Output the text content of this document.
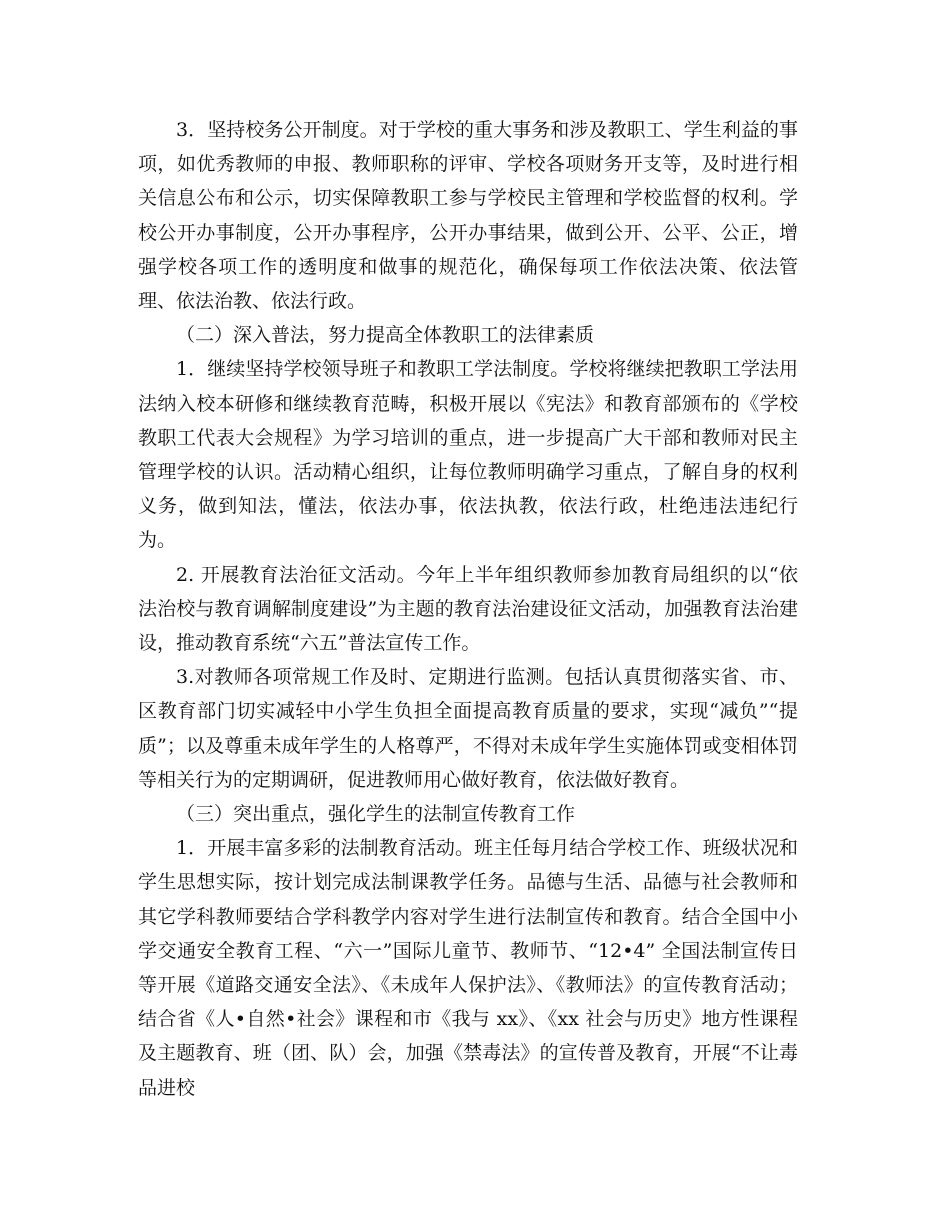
3．坚持校务公开制度。对于学校的重大事务和涉及教职工、学生利益的事项，如优秀教师的申报、教师职称的评审、学校各项财务开支等，及时进行相关信息公布和公示，切实保障教职工参与学校民主管理和学校监督的权利。学校公开办事制度，公开办事程序，公开办事结果，做到公开、公平、公正，增强学校各项工作的透明度和做事的规范化，确保每项工作依法决策、依法管理、依法治教、依法行政。

（二）深入普法，努力提高全体教职工的法律素质

1．继续坚持学校领导班子和教职工学法制度。学校将继续把教职工学法用法纳入校本研修和继续教育范畴，积极开展以《宪法》和教育部颁布的《学校教职工代表大会规程》为学习培训的重点，进一步提高广大干部和教师对民主管理学校的认识。活动精心组织，让每位教师明确学习重点，了解自身的权利义务，做到知法，懂法，依法办事，依法执教，依法行政，杜绝违法违纪行为。

2. 开展教育法治征文活动。今年上半年组织教师参加教育局组织的以“依法治校与教育调解制度建设”为主题的教育法治建设征文活动，加强教育法治建设，推动教育系统“六五”普法宣传工作。

3.对教师各项常规工作及时、定期进行监测。包括认真贯彻落实省、市、区教育部门切实减轻中小学生负担全面提高教育质量的要求，实现“减负”“提质”；以及尊重未成年学生的人格尊严，不得对未成年学生实施体罚或变相体罚等相关行为的定期调研，促进教师用心做好教育，依法做好教育。

（三）突出重点，强化学生的法制宣传教育工作

1．开展丰富多彩的法制教育活动。班主任每月结合学校工作、班级状况和学生思想实际，按计划完成法制课教学任务。品德与生活、品德与社会教师和其它学科教师要结合学科教学内容对学生进行法制宣传和教育。结合全国中小学交通安全教育工程、“六一”国际儿童节、教师节、“12•4” 全国法制宣传日等开展《道路交通安全法》、《未成年人保护法》、《教师法》的宣传教育活动；结合省《人•自然•社会》课程和市《我与 xx》、《xx 社会与历史》地方性课程及主题教育、班（团、队）会，加强《禁毒法》的宣传普及教育，开展“不让毒品进校
